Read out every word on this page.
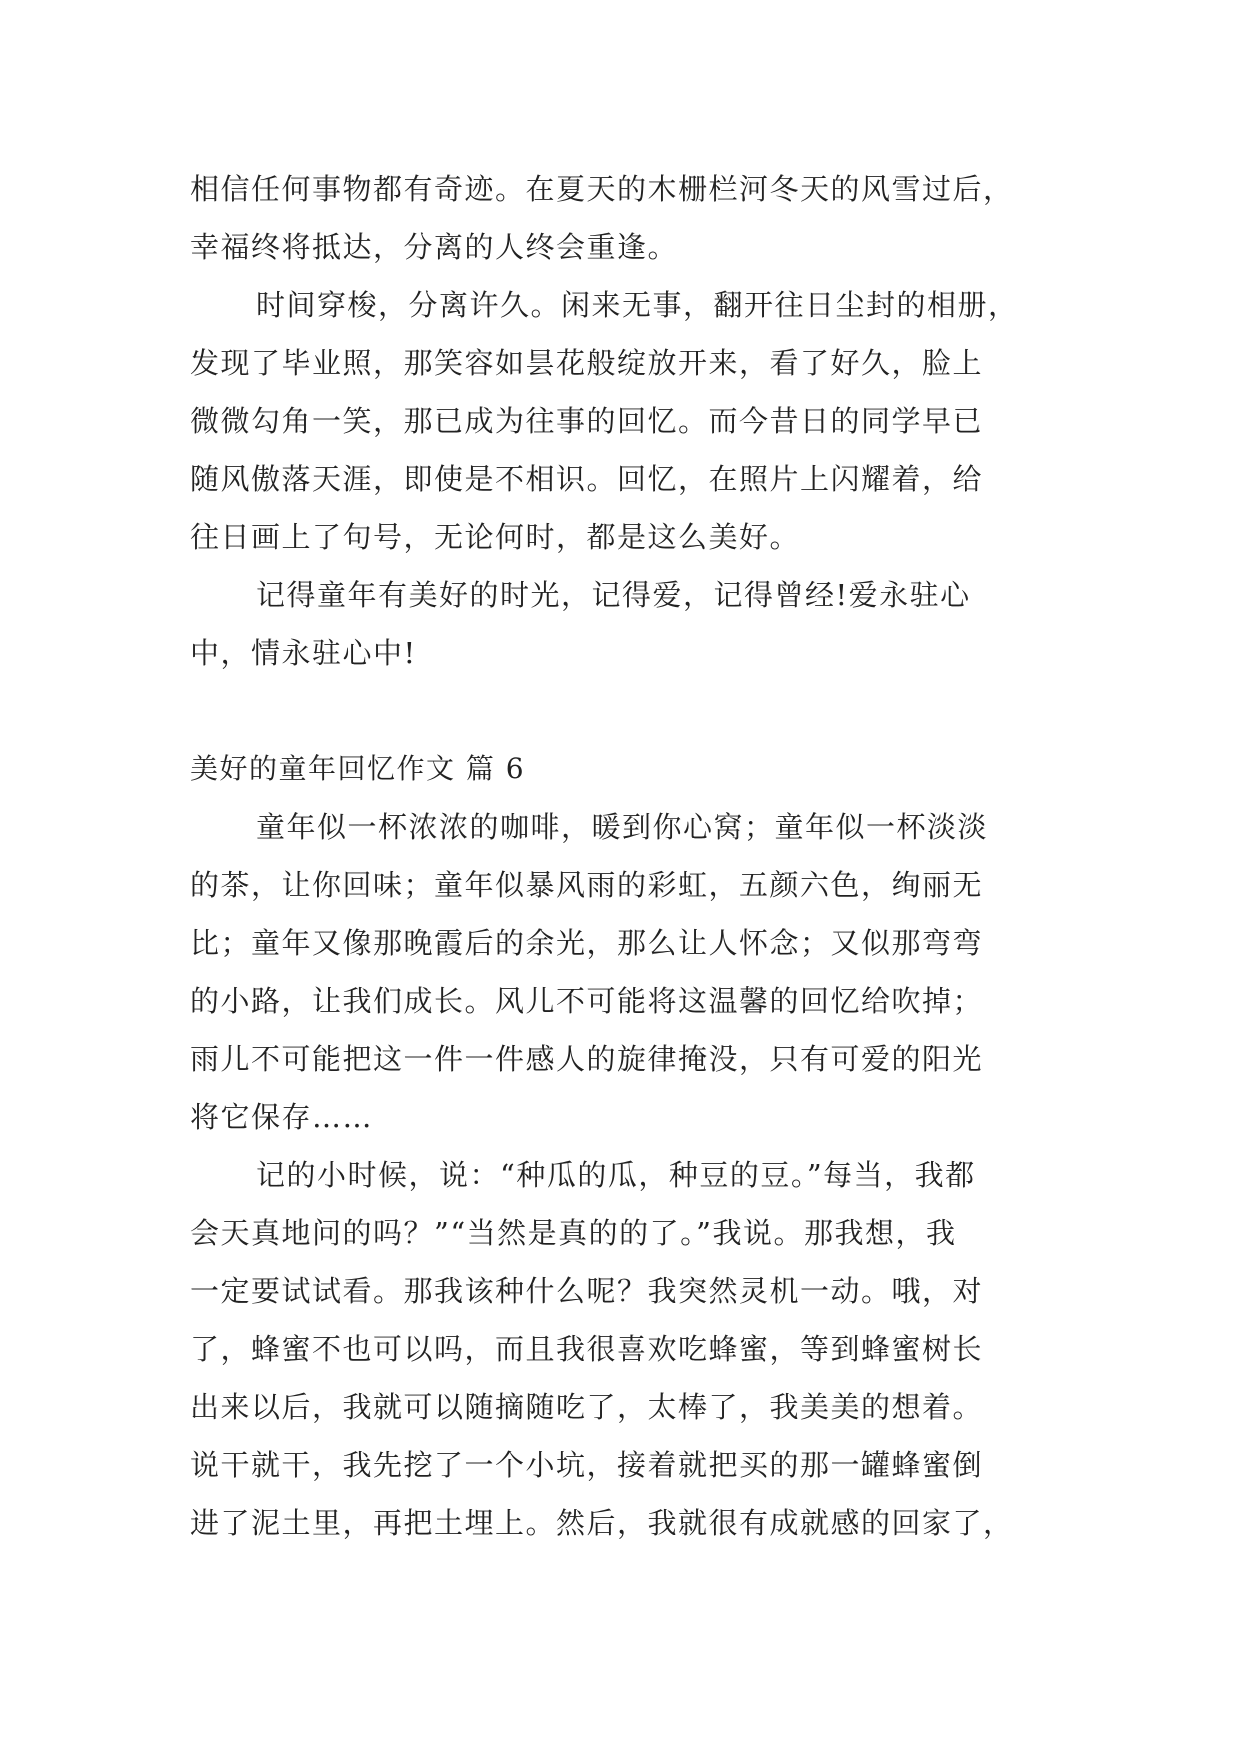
相信任何事物都有奇迹。在夏天的木栅栏河冬天的风雪过后，
幸福终将抵达，分离的人终会重逢。
时间穿梭，分离许久。闲来无事，翻开往日尘封的相册，
发现了毕业照，那笑容如昙花般绽放开来，看了好久，脸上
微微勾角一笑，那已成为往事的回忆。而今昔日的同学早已
随风傲落天涯，即使是不相识。回忆，在照片上闪耀着，给
往日画上了句号，无论何时，都是这么美好。
记得童年有美好的时光，记得爱，记得曾经!爱永驻心
中，情永驻心中!
美好的童年回忆作文 篇 6
童年似一杯浓浓的咖啡，暖到你心窝；童年似一杯淡淡
的茶，让你回味；童年似暴风雨的彩虹，五颜六色，绚丽无
比；童年又像那晚霞后的余光，那么让人怀念；又似那弯弯
的小路，让我们成长。风儿不可能将这温馨的回忆给吹掉；
雨儿不可能把这一件一件感人的旋律掩没，只有可爱的阳光
将它保存……
记的小时候，说：“种瓜的瓜，种豆的豆。”每当，我都
会天真地问的吗？”“当然是真的的了。”我说。那我想，我
一定要试试看。那我该种什么呢？我突然灵机一动。哦，对
了，蜂蜜不也可以吗，而且我很喜欢吃蜂蜜，等到蜂蜜树长
出来以后，我就可以随摘随吃了，太棒了，我美美的想着。
说干就干，我先挖了一个小坑，接着就把买的那一罐蜂蜜倒
进了泥土里，再把土埋上。然后，我就很有成就感的回家了，
